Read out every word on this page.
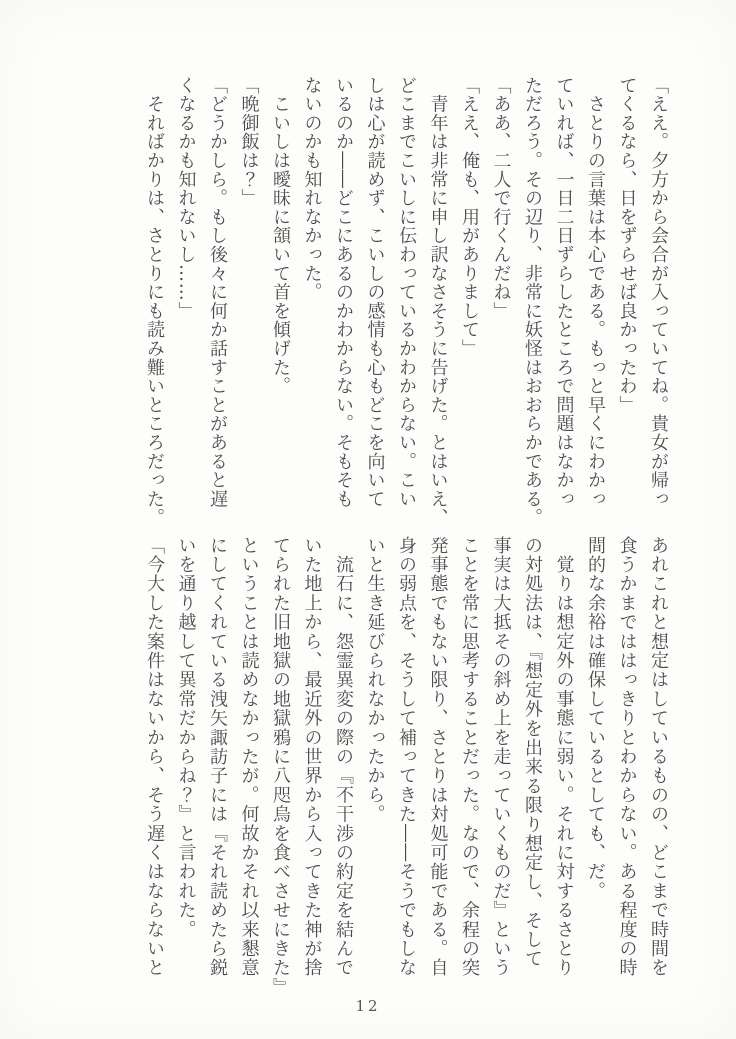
「ええ。夕方から会合が入っていてね。貴女が帰っ
てくるなら、日をずらせば良かったわ」
　さとりの言葉は本心である。もっと早くにわかっ
ていれば、一日二日ずらしたところで問題はなかっ
ただろう。その辺り、非常に妖怪はおおらかである。
「ああ、二人で行くんだね」
「ええ、俺も、用がありまして」
　青年は非常に申し訳なさそうに告げた。とはいえ、
どこまでこいしに伝わっているかわからない。こい
しは心が読めず、こいしの感情も心もどこを向いて
いるのか――どこにあるのかわからない。そもそも
ないのかも知れなかった。
　こいしは曖昧に頷いて首を傾げた。
「晩御飯は？」
「どうかしら。もし後々に何か話すことがあると遅
くなるかも知れないし……」
　そればかりは、さとりにも読み難いところだった。
あれこれと想定はしているものの、どこまで時間を
食うかまでははっきりとわからない。ある程度の時
間的な余裕は確保しているとしても、だ。
　覚りは想定外の事態に弱い。それに対するさとり
の対処法は、『想定外を出来る限り想定し、そして
事実は大抵その斜め上を走っていくものだ』という
ことを常に思考することだった。なので、余程の突
発事態でもない限り、さとりは対処可能である。自
身の弱点を、そうして補ってきた――そうでもしな
いと生き延びられなかったから。
　流石に、怨霊異変の際の『不干渉の約定を結んで
いた地上から、最近外の世界から入ってきた神が捨
てられた旧地獄の地獄鴉に八咫烏を食べさせにきた』
ということは読めなかったが。何故かそれ以来懇意
にしてくれている洩矢諏訪子には『それ読めたら鋭
いを通り越して異常だからね？』と言われた。
「今大した案件はないから、そう遅くはならないと
12
